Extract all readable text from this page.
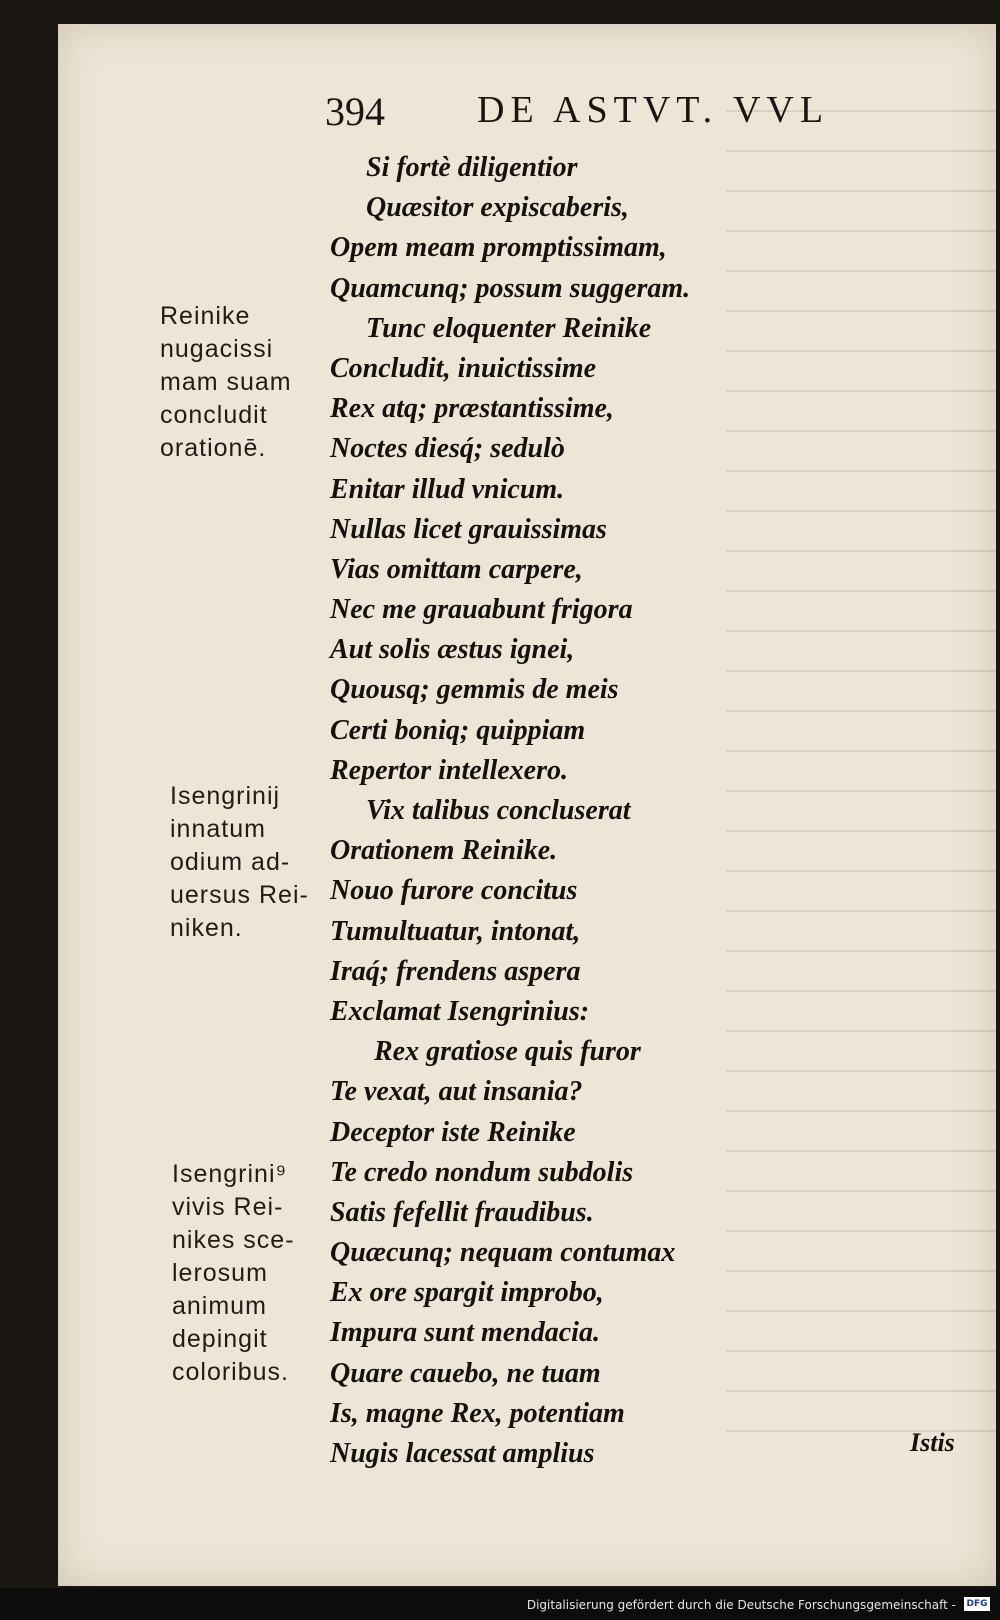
394 DE ASTVT. VVL
Si fortè diligentior
Quæsitor expiscaberis,
Opem meam promptissimam,
Quamcunq; possum suggeram.
Tunc eloquenter Reinike
Concludit, inuictissime
Rex atq; præstantissime,
Noctes diesq́; sedulò
Enitar illud vnicum.
Nullas licet grauissimas
Vias omittam carpere,
Nec me grauabunt frigora
Aut solis æstus ignei,
Quousq; gemmis de meis
Certi boniq; quippiam
Repertor intellexero.
Vix talibus concluserat
Orationem Reinike.
Nouo furore concitus
Tumultuatur, intonat,
Iraq́; frendens aspera
Exclamat Isengrinius:
Rex gratiose quis furor
Te vexat, aut insania?
Deceptor iste Reinike
Te credo nondum subdolis
Satis fefellit fraudibus.
Quæcunq; nequam contumax
Ex ore spargit improbo,
Impura sunt mendacia.
Quare cauebo, ne tuam
Is, magne Rex, potentiam
Nugis lacessat amplius	Istis
Reinike
nugacissi
mam suam
concludit
orationē.
Isengrinij
innatum
odium ad-
uersus Rei-
niken.
Isengrini⁹
vivis Rei-
nikes sce-
lerosum
animum
depingit
coloribus.
Digitalisierung gefördert durch die Deutsche Forschungsgemeinschaft - DFG
